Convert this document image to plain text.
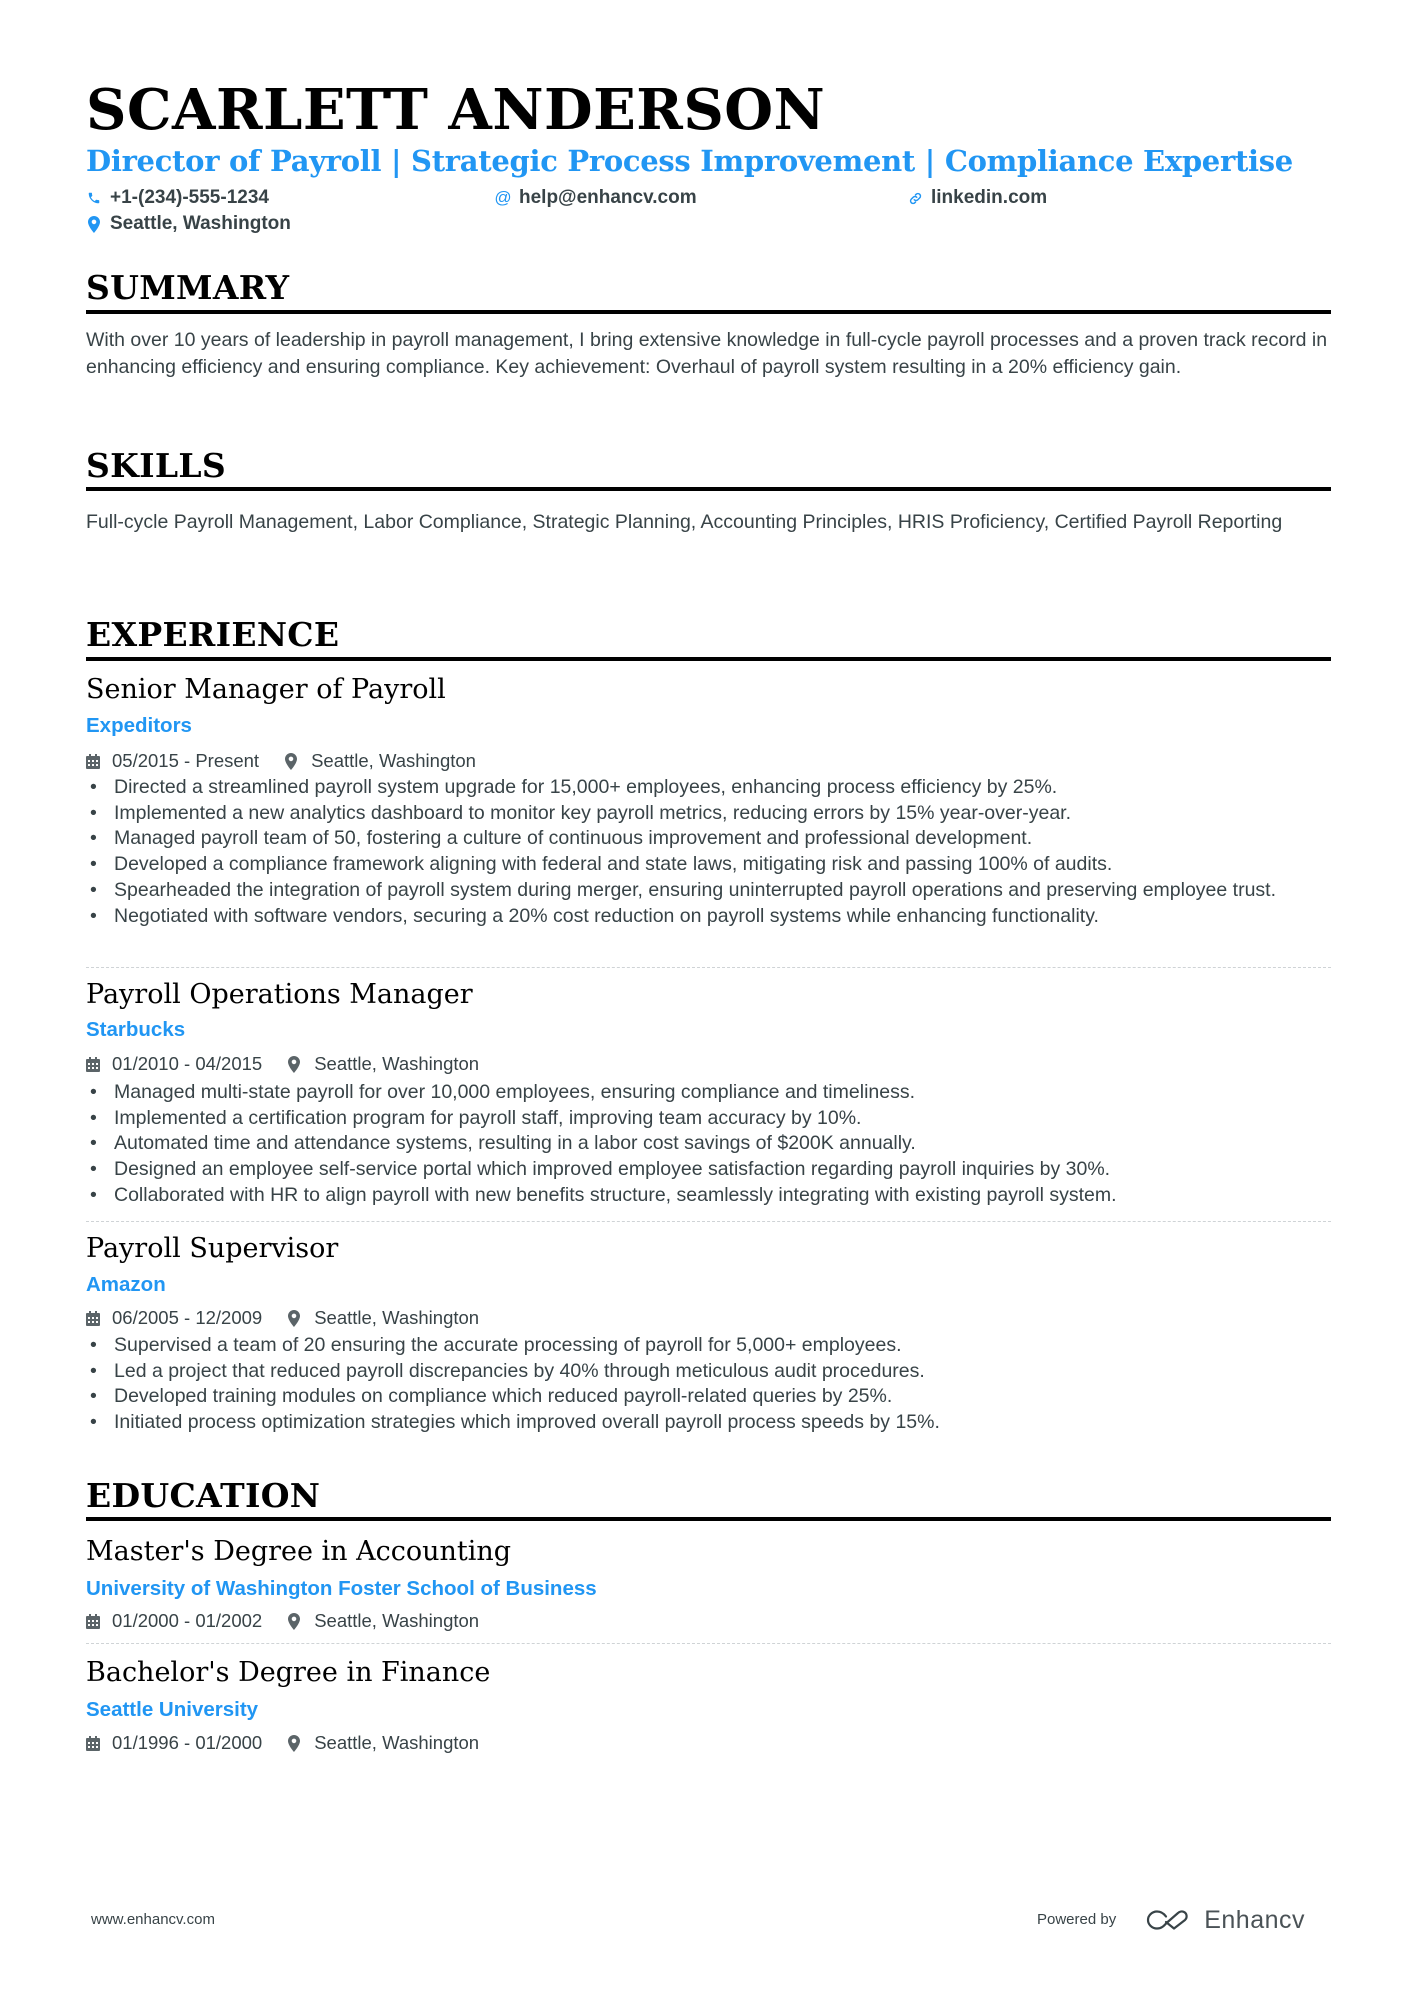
SCARLETT ANDERSON
Director of Payroll | Strategic Process Improvement | Compliance Expertise
+1-(234)-555-1234	@ help@enhancv.com	linkedin.com
Seattle, Washington
SUMMARY
With over 10 years of leadership in payroll management, I bring extensive knowledge in full-cycle payroll processes and a proven track record in enhancing efficiency and ensuring compliance. Key achievement: Overhaul of payroll system resulting in a 20% efficiency gain.
SKILLS
Full-cycle Payroll Management, Labor Compliance, Strategic Planning, Accounting Principles, HRIS Proficiency, Certified Payroll Reporting
EXPERIENCE
Senior Manager of Payroll
Expeditors
05/2015 - Present	Seattle, Washington
• Directed a streamlined payroll system upgrade for 15,000+ employees, enhancing process efficiency by 25%.
• Implemented a new analytics dashboard to monitor key payroll metrics, reducing errors by 15% year-over-year.
• Managed payroll team of 50, fostering a culture of continuous improvement and professional development.
• Developed a compliance framework aligning with federal and state laws, mitigating risk and passing 100% of audits.
• Spearheaded the integration of payroll system during merger, ensuring uninterrupted payroll operations and preserving employee trust.
• Negotiated with software vendors, securing a 20% cost reduction on payroll systems while enhancing functionality.
Payroll Operations Manager
Starbucks
01/2010 - 04/2015	Seattle, Washington
• Managed multi-state payroll for over 10,000 employees, ensuring compliance and timeliness.
• Implemented a certification program for payroll staff, improving team accuracy by 10%.
• Automated time and attendance systems, resulting in a labor cost savings of $200K annually.
• Designed an employee self-service portal which improved employee satisfaction regarding payroll inquiries by 30%.
• Collaborated with HR to align payroll with new benefits structure, seamlessly integrating with existing payroll system.
Payroll Supervisor
Amazon
06/2005 - 12/2009	Seattle, Washington
• Supervised a team of 20 ensuring the accurate processing of payroll for 5,000+ employees.
• Led a project that reduced payroll discrepancies by 40% through meticulous audit procedures.
• Developed training modules on compliance which reduced payroll-related queries by 25%.
• Initiated process optimization strategies which improved overall payroll process speeds by 15%.
EDUCATION
Master's Degree in Accounting
University of Washington Foster School of Business
01/2000 - 01/2002	Seattle, Washington
Bachelor's Degree in Finance
Seattle University
01/1996 - 01/2000	Seattle, Washington
www.enhancv.com	Powered by	Enhancv
